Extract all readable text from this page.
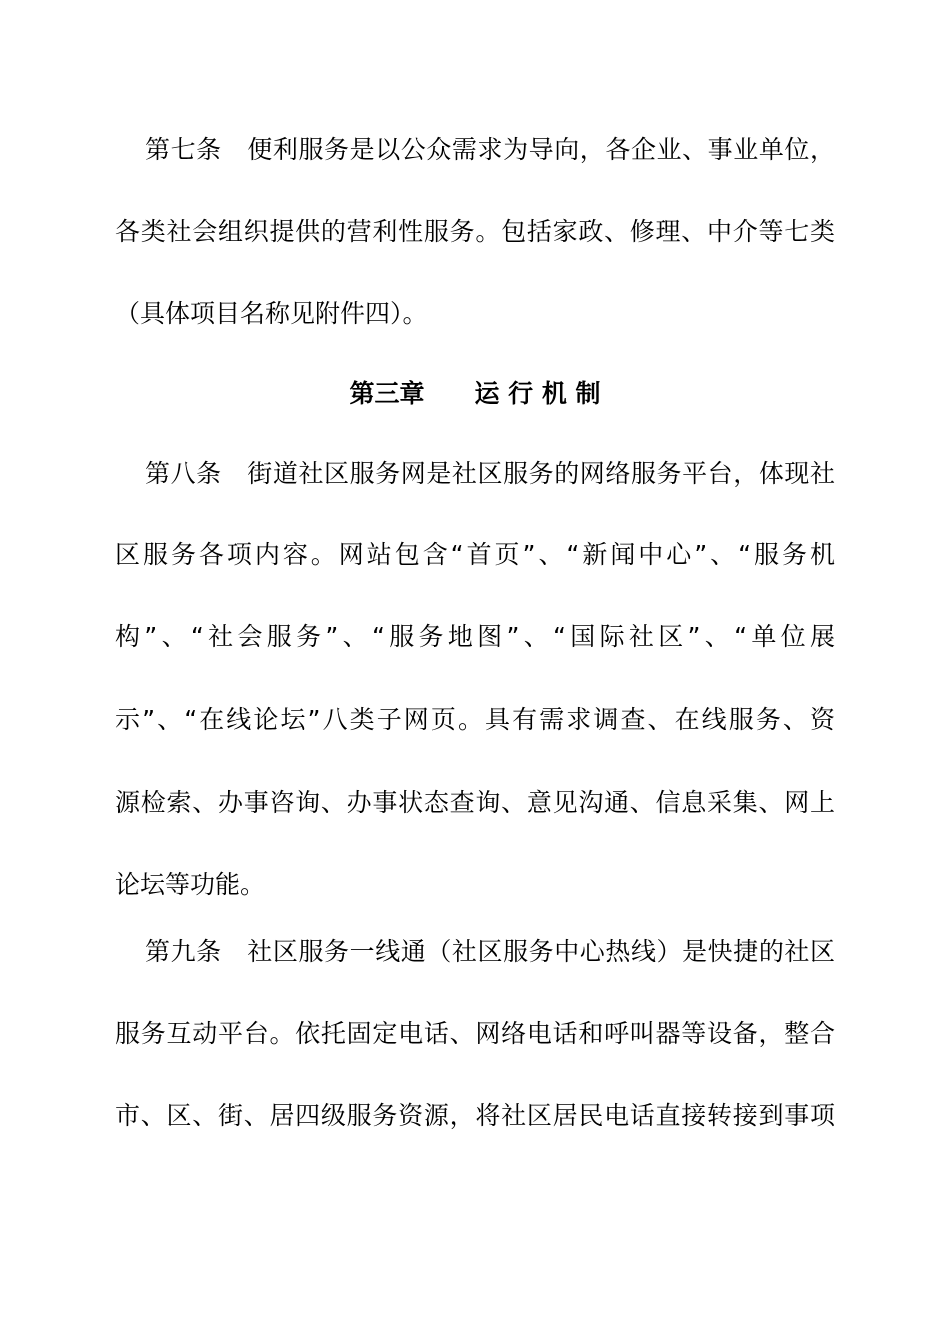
第七条　便利服务是以公众需求为导向，各企业、事业单位，
各类社会组织提供的营利性服务。包括家政、修理、中介等七类
（具体项目名称见附件四）。
第三章　　运 行 机 制
第八条　街道社区服务网是社区服务的网络服务平台，体现社
区服务各项内容。网站包含“首页”、“新闻中心”、“服务机
构”、“社会服务”、“服务地图”、“国际社区”、“单位展
示”、“在线论坛”八类子网页。具有需求调查、在线服务、资
源检索、办事咨询、办事状态查询、意见沟通、信息采集、网上
论坛等功能。
第九条　社区服务一线通（社区服务中心热线）是快捷的社区
服务互动平台。依托固定电话、网络电话和呼叫器等设备，整合
市、区、街、居四级服务资源，将社区居民电话直接转接到事项
